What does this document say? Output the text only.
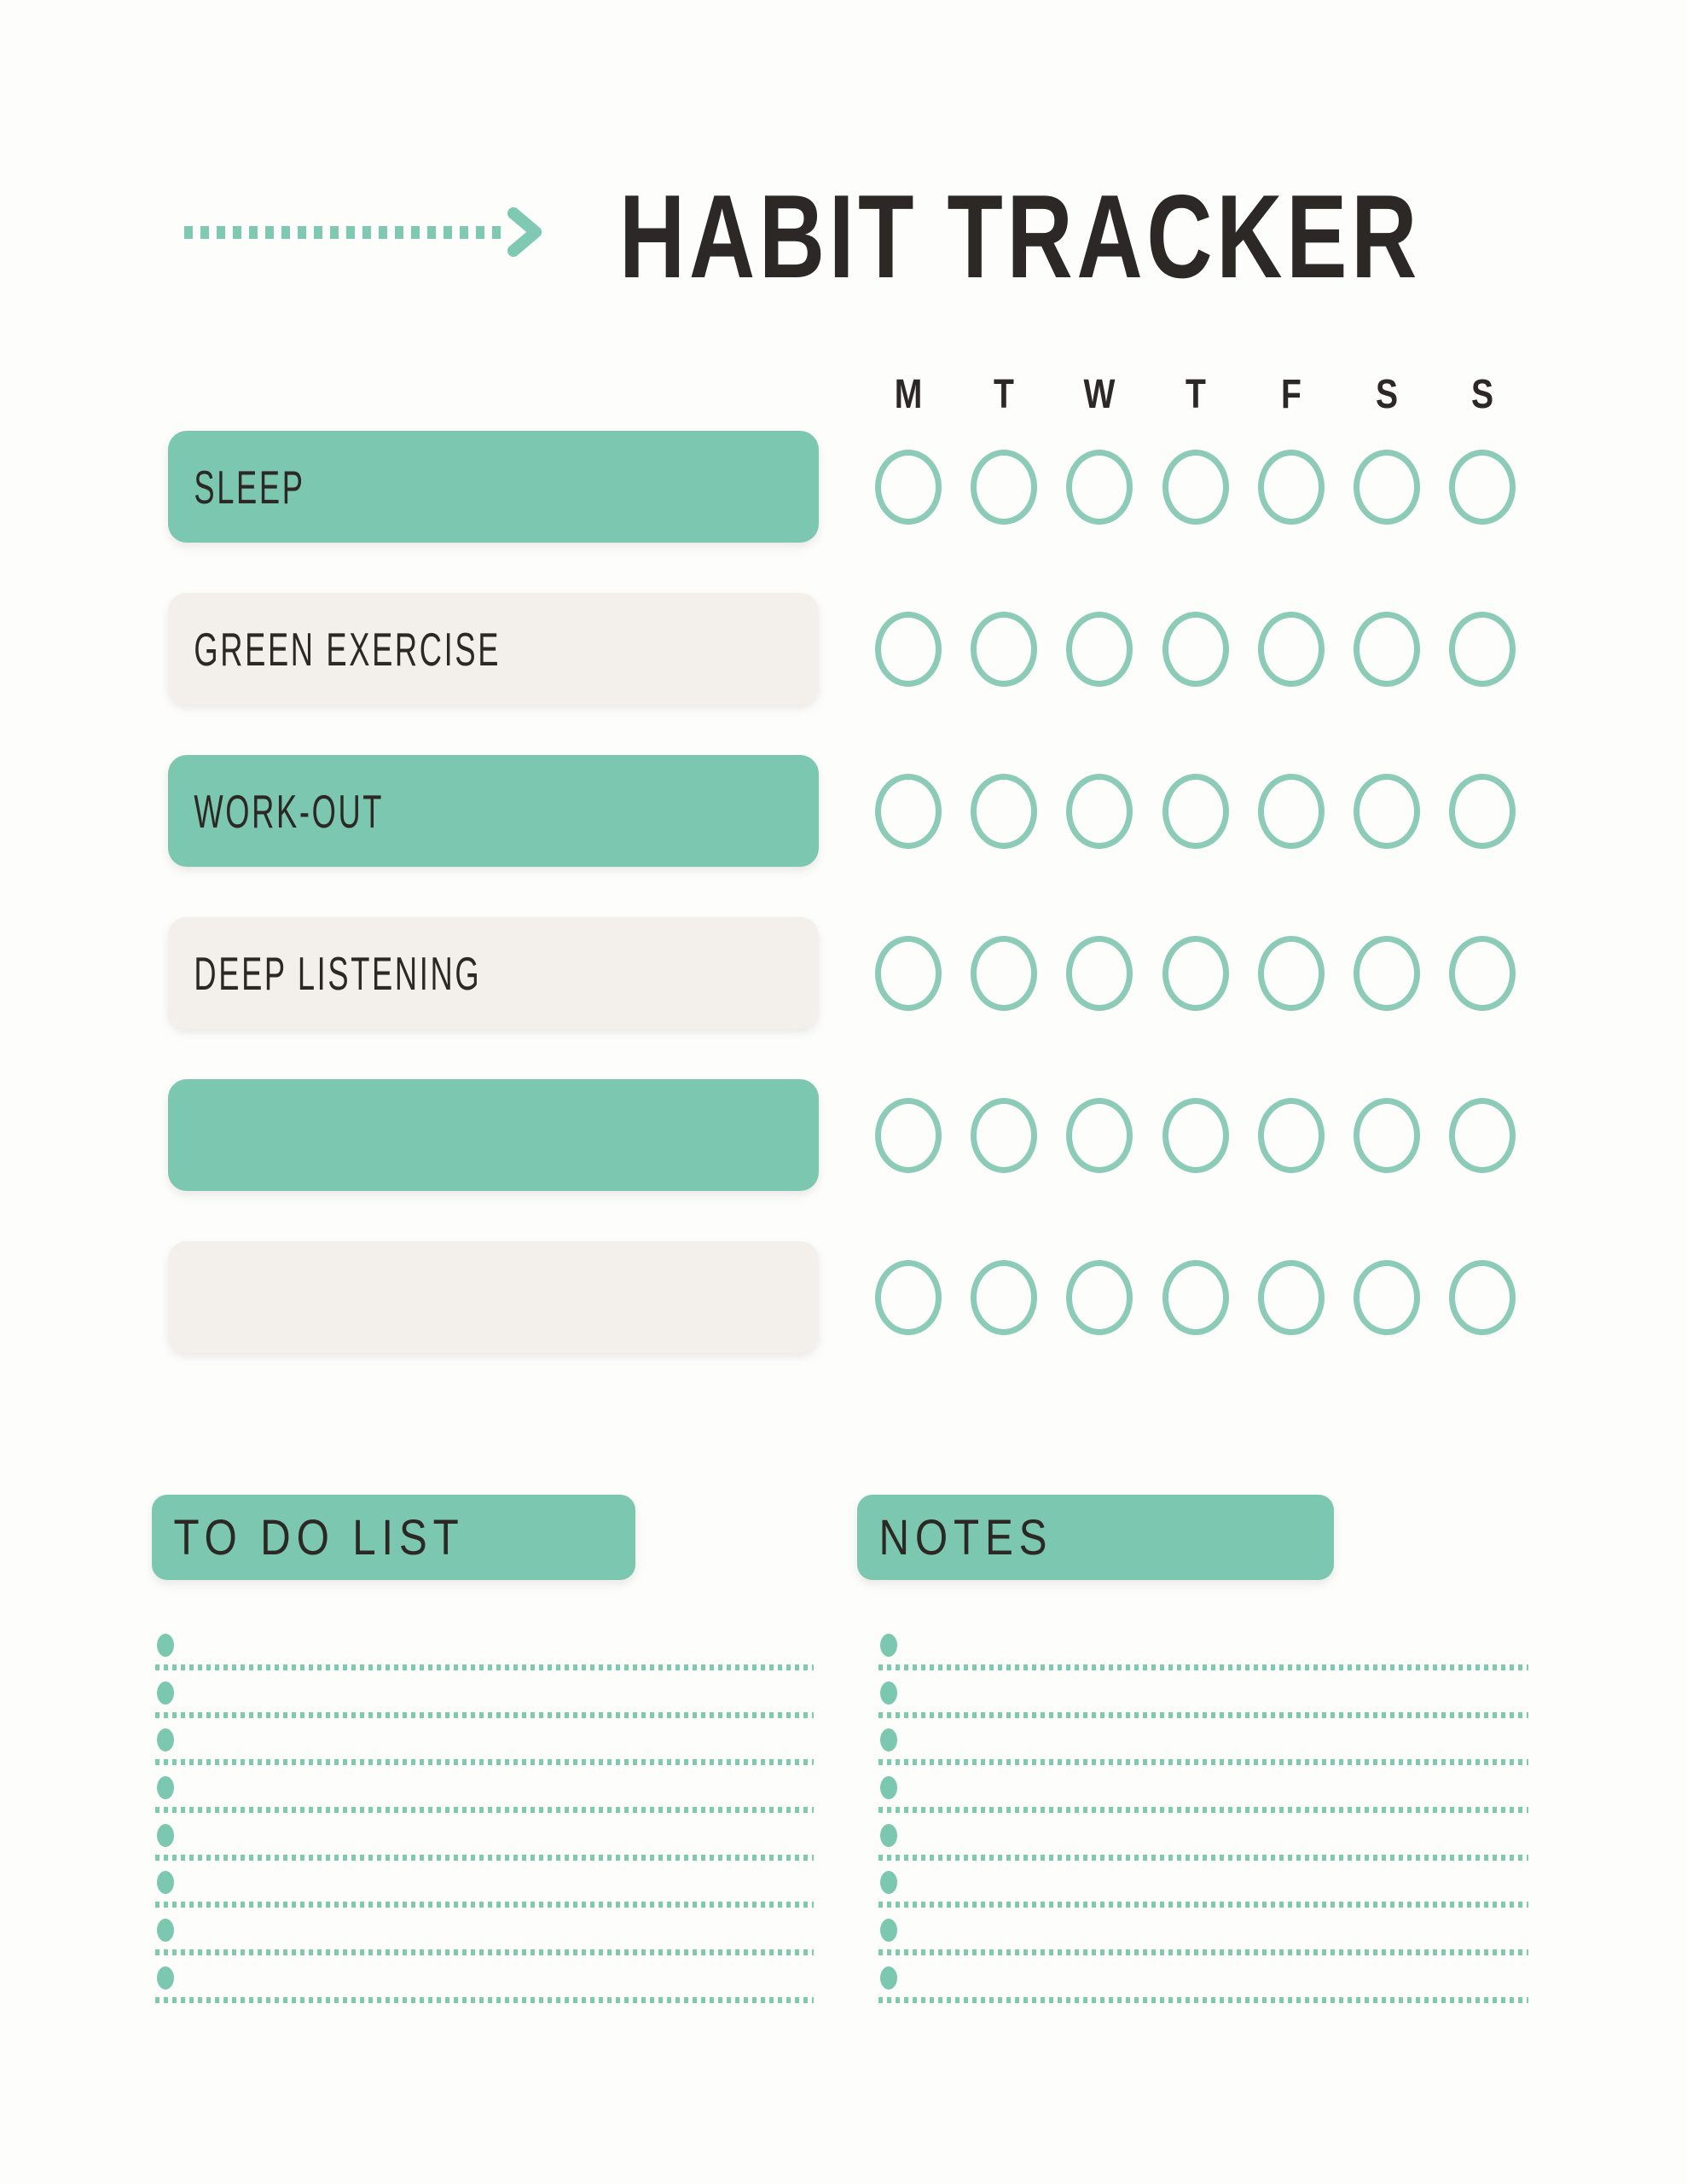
HABIT TRACKER
M T W T F S S
SLEEP
GREEN EXERCISE
WORK-OUT
DEEP LISTENING
TO DO LIST	NOTES
